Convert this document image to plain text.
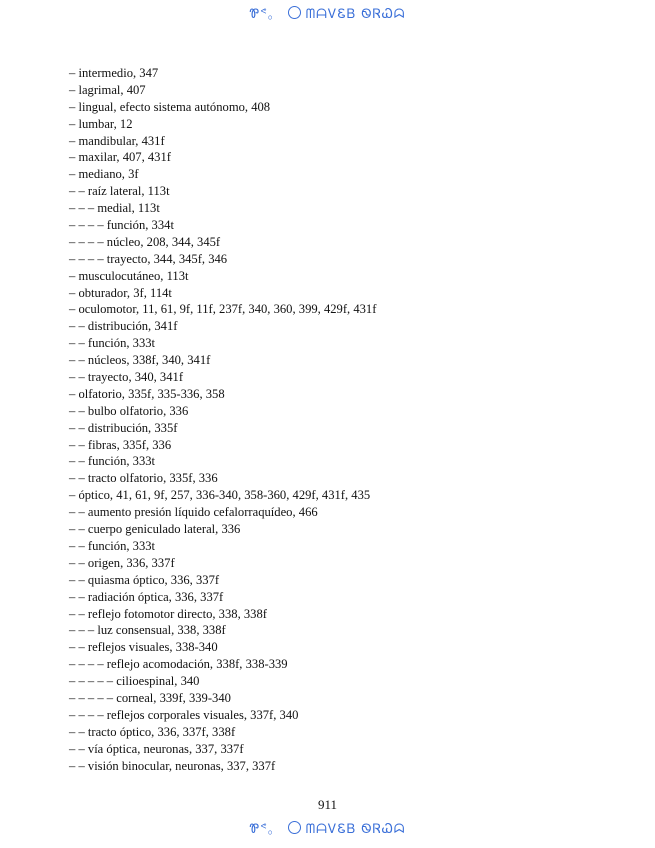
Ꮘᕝ。 ᗰᗩᏙᏋᏴ ᏫᏒᏇᗣ
– intermedio, 347
– lagrimal, 407
– lingual, efecto sistema autónomo, 408
– lumbar, 12
– mandibular, 431f
– maxilar, 407, 431f
– mediano, 3f
– – raíz lateral, 113t
– – – medial, 113t
– – – – función, 334t
– – – – núcleo, 208, 344, 345f
– – – – trayecto, 344, 345f, 346
– musculocutáneo, 113t
– obturador, 3f, 114t
– oculomotor, 11, 61, 9f, 11f, 237f, 340, 360, 399, 429f, 431f
– – distribución, 341f
– – función, 333t
– – núcleos, 338f, 340, 341f
– – trayecto, 340, 341f
– olfatorio, 335f, 335-336, 358
– – bulbo olfatorio, 336
– – distribución, 335f
– – fibras, 335f, 336
– – función, 333t
– – tracto olfatorio, 335f, 336
– óptico, 41, 61, 9f, 257, 336-340, 358-360, 429f, 431f, 435
– – aumento presión líquido cefalorraquídeo, 466
– – cuerpo geniculado lateral, 336
– – función, 333t
– – origen, 336, 337f
– – quiasma óptico, 336, 337f
– – radiación óptica, 336, 337f
– – reflejo fotomotor directo, 338, 338f
– – – luz consensual, 338, 338f
– – reflejos visuales, 338-340
– – – – reflejo acomodación, 338f, 338-339
– – – – – cilioespinal, 340
– – – – – corneal, 339f, 339-340
– – – – reflejos corporales visuales, 337f, 340
– – tracto óptico, 336, 337f, 338f
– – vía óptica, neuronas, 337, 337f
– – visión binocular, neuronas, 337, 337f
911
Ꮘᕝ。 ᗰᗩᏙᏋᏴ ᏫᏒᏇᗣ
